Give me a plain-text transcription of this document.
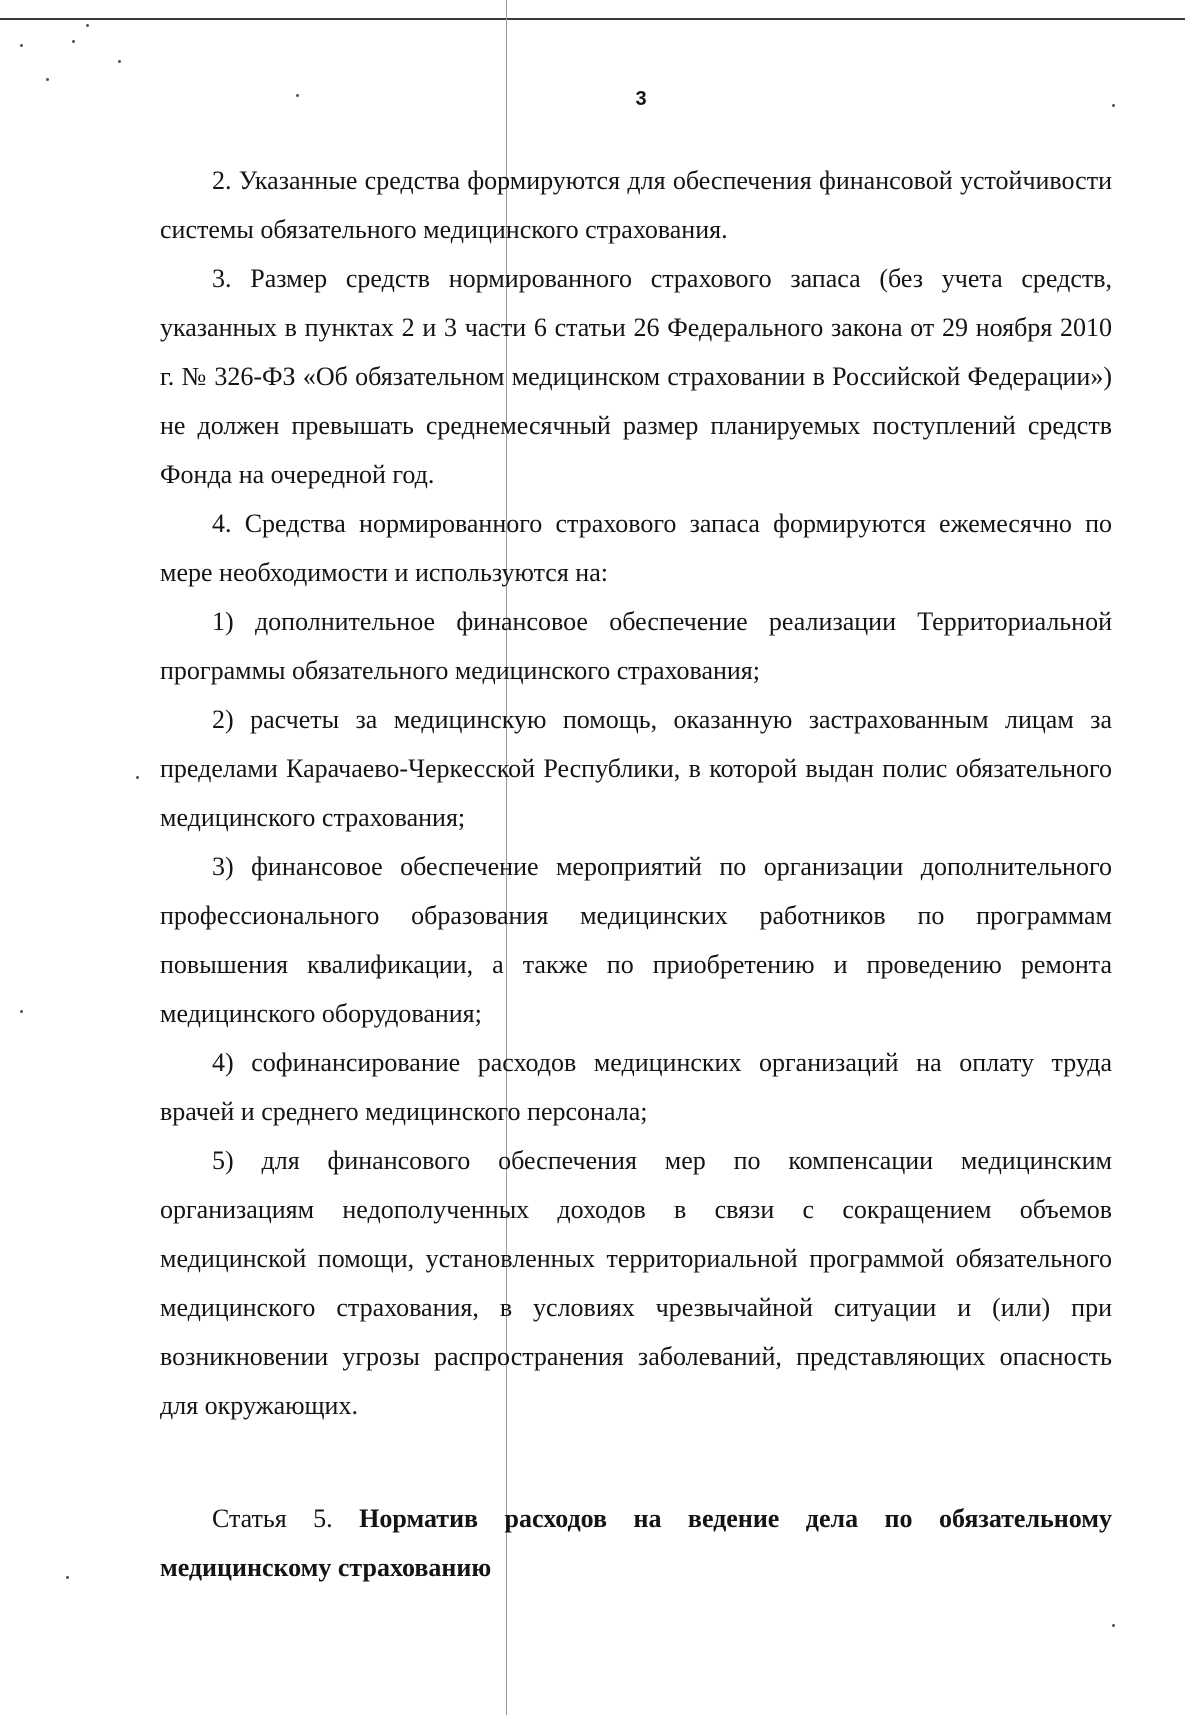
3

2. Указанные средства формируются для обеспечения финансовой устойчивости системы обязательного медицинского страхования.

3. Размер средств нормированного страхового запаса (без учета средств, указанных в пунктах 2 и 3 части 6 статьи 26 Федерального закона от 29 ноября 2010 г. № 326-ФЗ «Об обязательном медицинском страховании в Российской Федерации») не должен превышать среднемесячный размер планируемых поступлений средств Фонда на очередной год.

4. Средства нормированного страхового запаса формируются ежемесячно по мере необходимости и используются на:

1) дополнительное финансовое обеспечение реализации Территориальной программы обязательного медицинского страхования;

2) расчеты за медицинскую помощь, оказанную застрахованным лицам за пределами Карачаево-Черкесской Республики, в которой выдан полис обязательного медицинского страхования;

3) финансовое обеспечение мероприятий по организации дополнительного профессионального образования медицинских работников по программам повышения квалификации, а также по приобретению и проведению ремонта медицинского оборудования;

4) софинансирование расходов медицинских организаций на оплату труда врачей и среднего медицинского персонала;

5) для финансового обеспечения мер по компенсации медицинским организациям недополученных доходов в связи с сокращением объемов медицинской помощи, установленных территориальной программой обязательного медицинского страхования, в условиях чрезвычайной ситуации и (или) при возникновении угрозы распространения заболеваний, представляющих опасность для окружающих.

Статья 5. Норматив расходов на ведение дела по обязательному медицинскому страхованию
